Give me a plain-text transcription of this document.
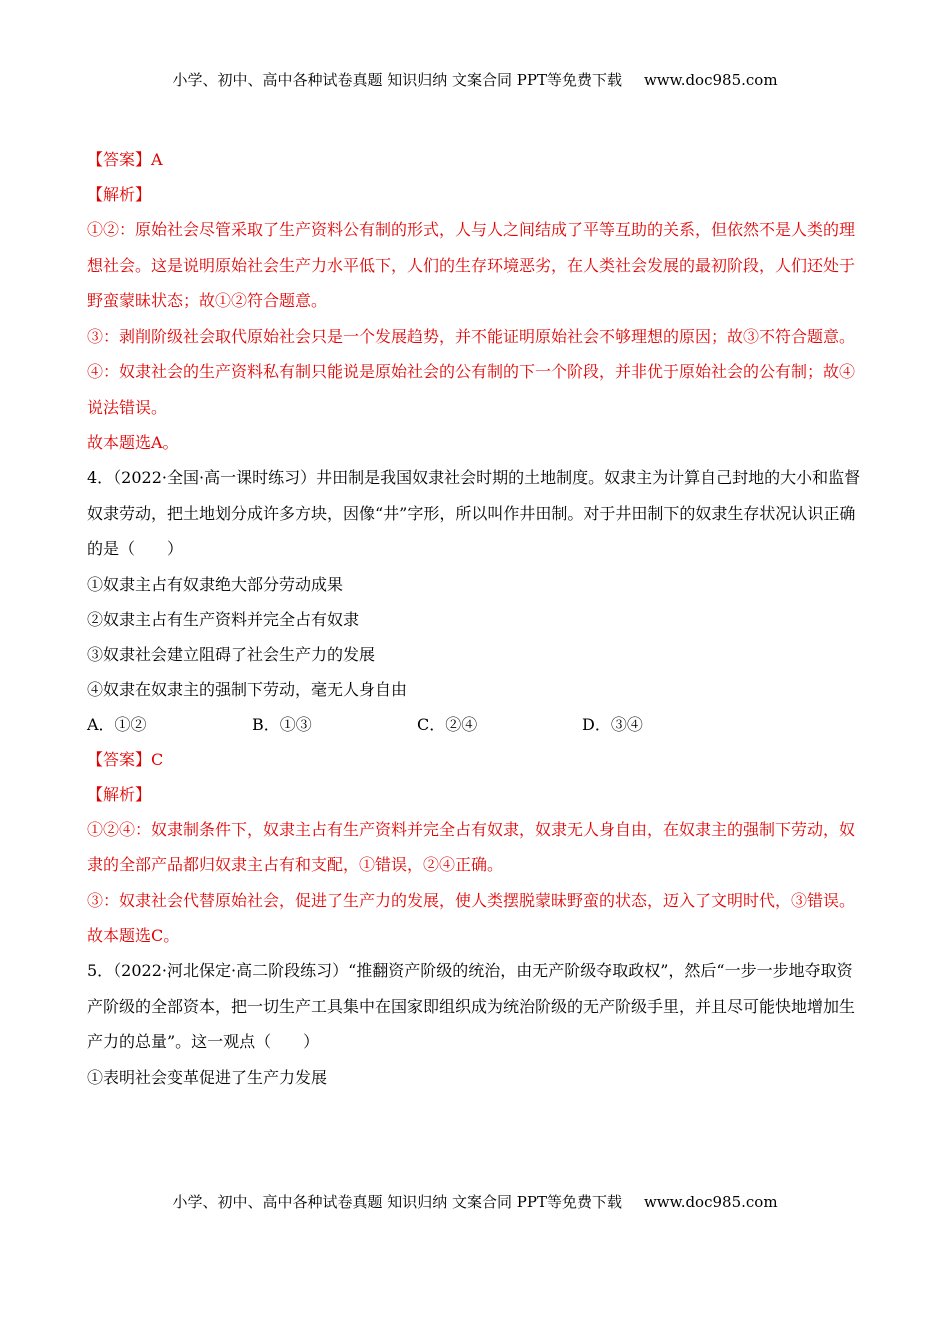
小学、初中、高中各种试卷真题 知识归纳 文案合同 PPT等免费下载 www.doc985.com
【答案】A
【解析】
①②：原始社会尽管采取了生产资料公有制的形式，人与人之间结成了平等互助的关系，但依然不是人类的理想社会。这是说明原始社会生产力水平低下，人们的生存环境恶劣，在人类社会发展的最初阶段，人们还处于野蛮蒙昧状态；故①②符合题意。
③：剥削阶级社会取代原始社会只是一个发展趋势，并不能证明原始社会不够理想的原因；故③不符合题意。
④：奴隶社会的生产资料私有制只能说是原始社会的公有制的下一个阶段，并非优于原始社会的公有制；故④说法错误。
故本题选A。
4．（2022·全国·高一课时练习）井田制是我国奴隶社会时期的土地制度。奴隶主为计算自己封地的大小和监督奴隶劳动，把土地划分成许多方块，因像“井”字形，所以叫作井田制。对于井田制下的奴隶生存状况认识正确的是（　　）
①奴隶主占有奴隶绝大部分劳动成果
②奴隶主占有生产资料并完全占有奴隶
③奴隶社会建立阻碍了社会生产力的发展
④奴隶在奴隶主的强制下劳动，毫无人身自由
A．①②	B．①③	C．②④	D．③④
【答案】C
【解析】
①②④：奴隶制条件下，奴隶主占有生产资料并完全占有奴隶，奴隶无人身自由，在奴隶主的强制下劳动，奴隶的全部产品都归奴隶主占有和支配，①错误，②④正确。
③：奴隶社会代替原始社会，促进了生产力的发展，使人类摆脱蒙昧野蛮的状态，迈入了文明时代，③错误。
故本题选C。
5．（2022·河北保定·高二阶段练习）“推翻资产阶级的统治，由无产阶级夺取政权”，然后“一步一步地夺取资产阶级的全部资本，把一切生产工具集中在国家即组织成为统治阶级的无产阶级手里，并且尽可能快地增加生产力的总量”。这一观点（　　）
①表明社会变革促进了生产力发展
小学、初中、高中各种试卷真题 知识归纳 文案合同 PPT等免费下载 www.doc985.com
